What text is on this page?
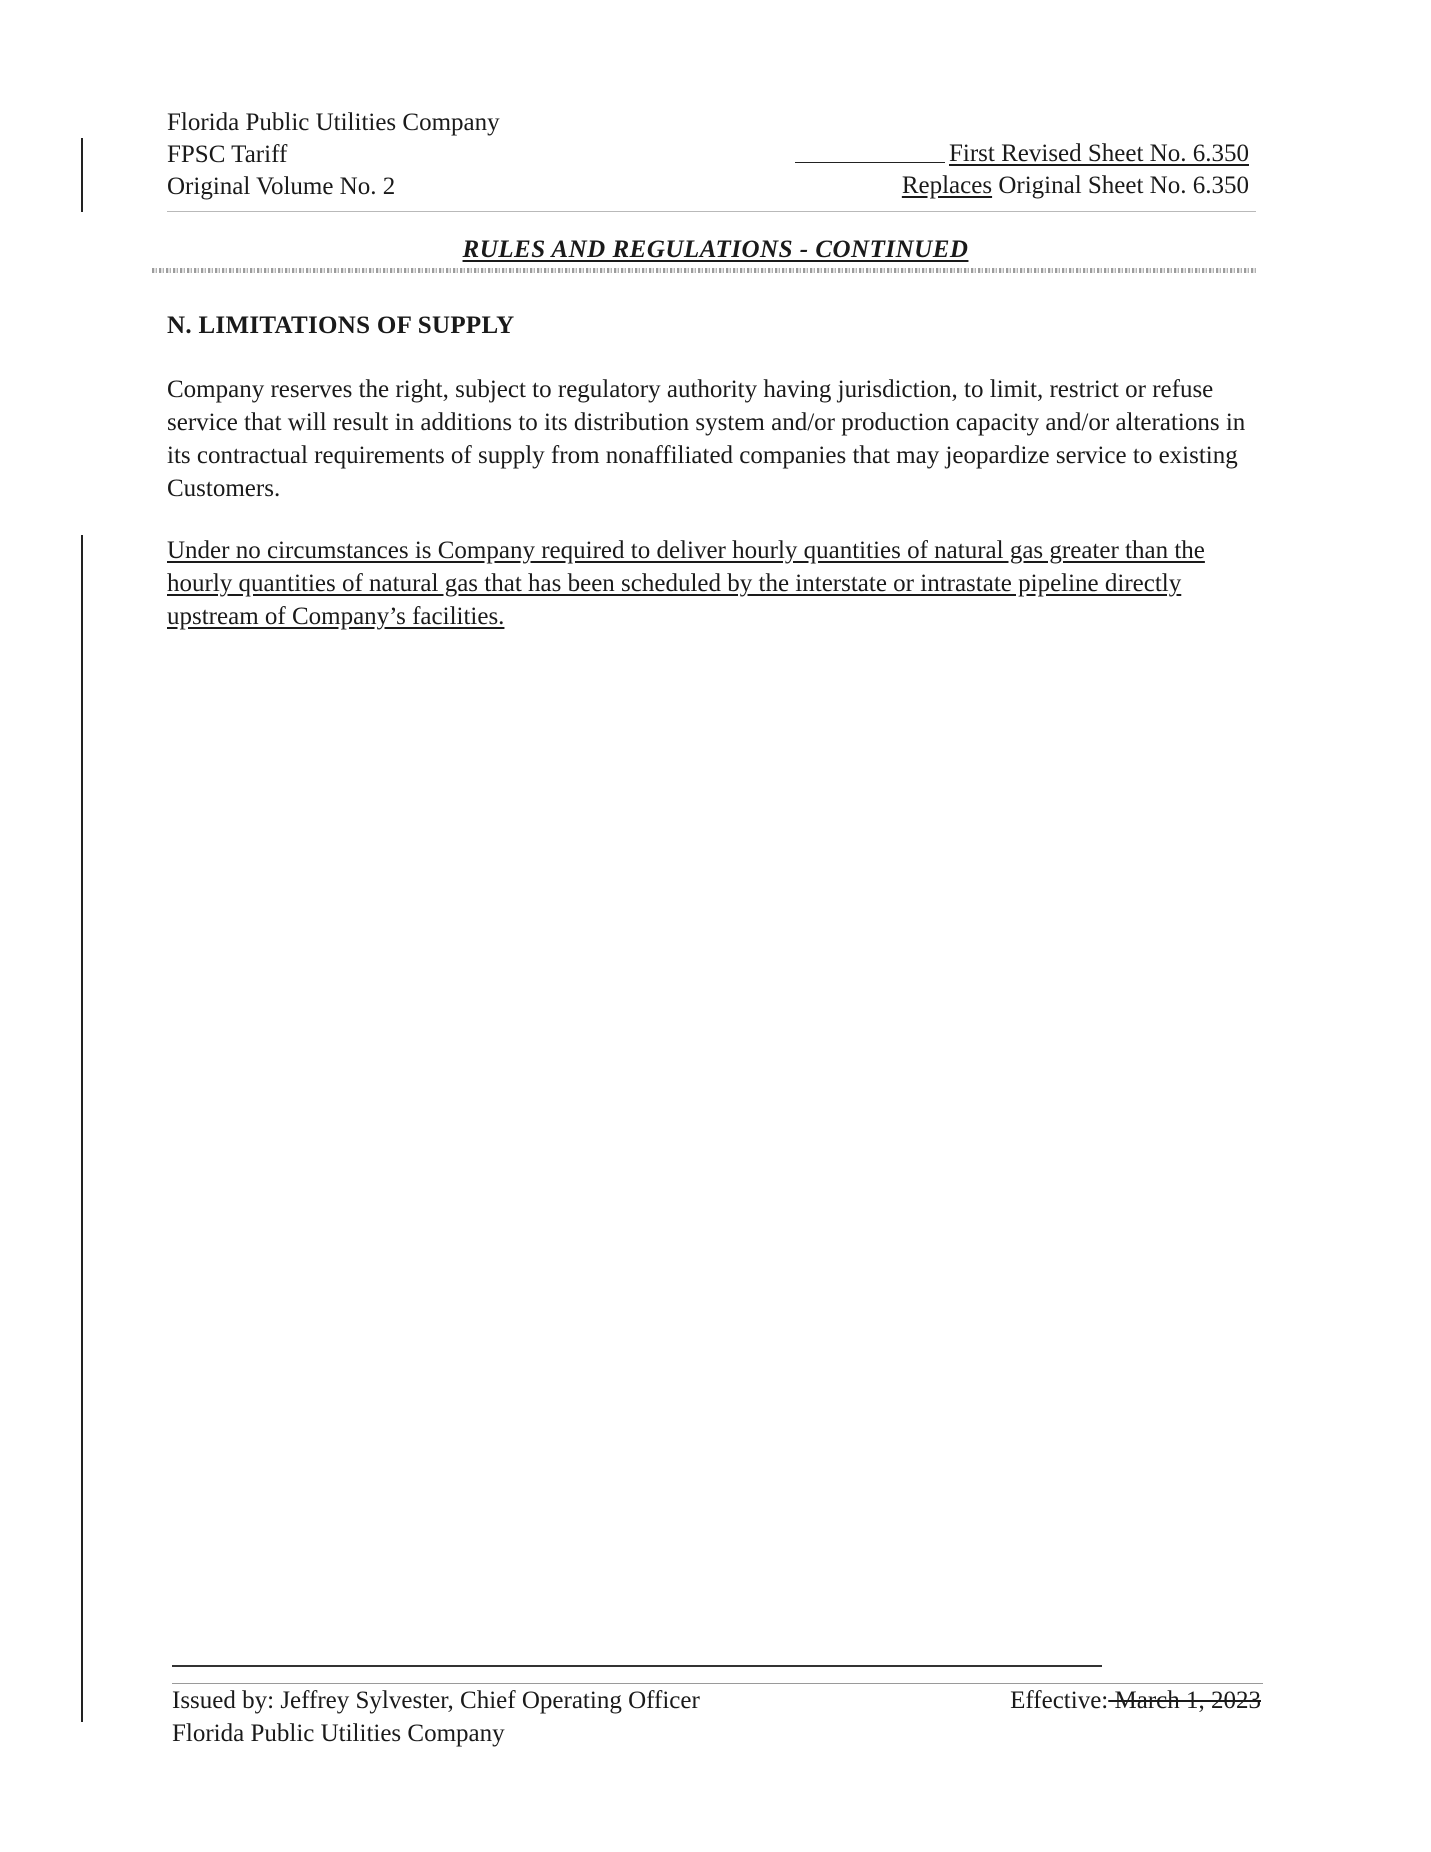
Florida Public Utilities Company
FPSC Tariff
Original Volume No. 2
First Revised Sheet No. 6.350
Replaces Original Sheet No. 6.350
RULES AND REGULATIONS - CONTINUED
N. LIMITATIONS OF SUPPLY
Company reserves the right, subject to regulatory authority having jurisdiction, to limit, restrict or refuse service that will result in additions to its distribution system and/or production capacity and/or alterations in its contractual requirements of supply from nonaffiliated companies that may jeopardize service to existing Customers.
Under no circumstances is Company required to deliver hourly quantities of natural gas greater than the hourly quantities of natural gas that has been scheduled by the interstate or intrastate pipeline directly upstream of Company’s facilities.
Issued by: Jeffrey Sylvester, Chief Operating Officer
Florida Public Utilities Company
Effective: March 1, 2023
